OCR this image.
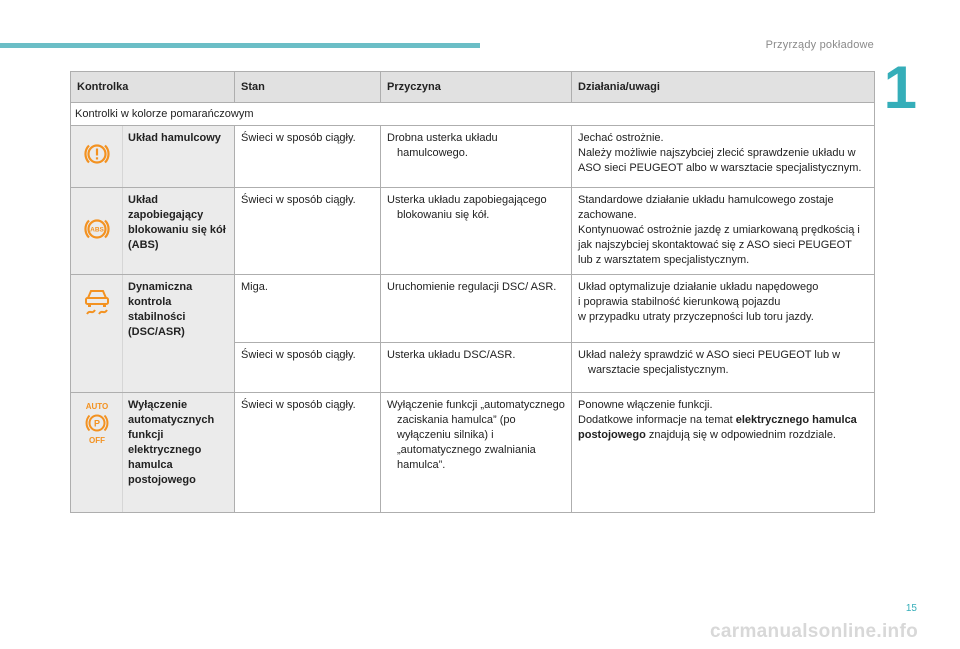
Przyrządy pokładowe
1
Kontrolka		Stan	Przyczyna	Działania/uwagi
Kontrolki w kolorze pomarańczowym				
	Układ hamulcowy	Świeci w sposób ciągły.	Drobna usterka układu hamulcowego.	Jechać ostrożnie.
Należy możliwie najszybciej zlecić sprawdzenie układu w ASO sieci PEUGEOT albo w warsztacie specjalistycznym.

ABS	Układ zapobiegający blokowaniu się kół (ABS)	Świeci w sposób ciągły.	Usterka układu zapobiegającego blokowaniu się kół.	Standardowe działanie układu hamulcowego zostaje zachowane.
Kontynuować ostrożnie jazdę z umiarkowaną prędkością i jak najszybciej skontaktować się z ASO sieci PEUGEOT lub z warsztatem specjalistycznym.
	Dynamiczna kontrola stabilności (DSC/ASR)	Miga.	Uruchomienie regulacji DSC/ ASR.	Układ optymalizuje działanie układu napędowego
i poprawia stabilność kierunkową pojazdu
w przypadku utraty przyczepności lub toru jazdy.
		Świeci w sposób ciągły.	Usterka układu DSC/ASR.	Układ należy sprawdzić w ASO sieci PEUGEOT lub w warsztacie specjalistycznym.

AUTO
P
OFF	Wyłączenie automatycznych funkcji elektrycznego hamulca postojowego	Świeci w sposób ciągły.	Wyłączenie funkcji „automatycznego zaciskania hamulca” (po wyłączeniu silnika) i „automatycznego zwalniania hamulca”.	Ponowne włączenie funkcji.
Dodatkowe informacje na temat elektrycznego hamulca postojowego znajdują się w odpowiednim rozdziale.
carmanualsonline.info
15
